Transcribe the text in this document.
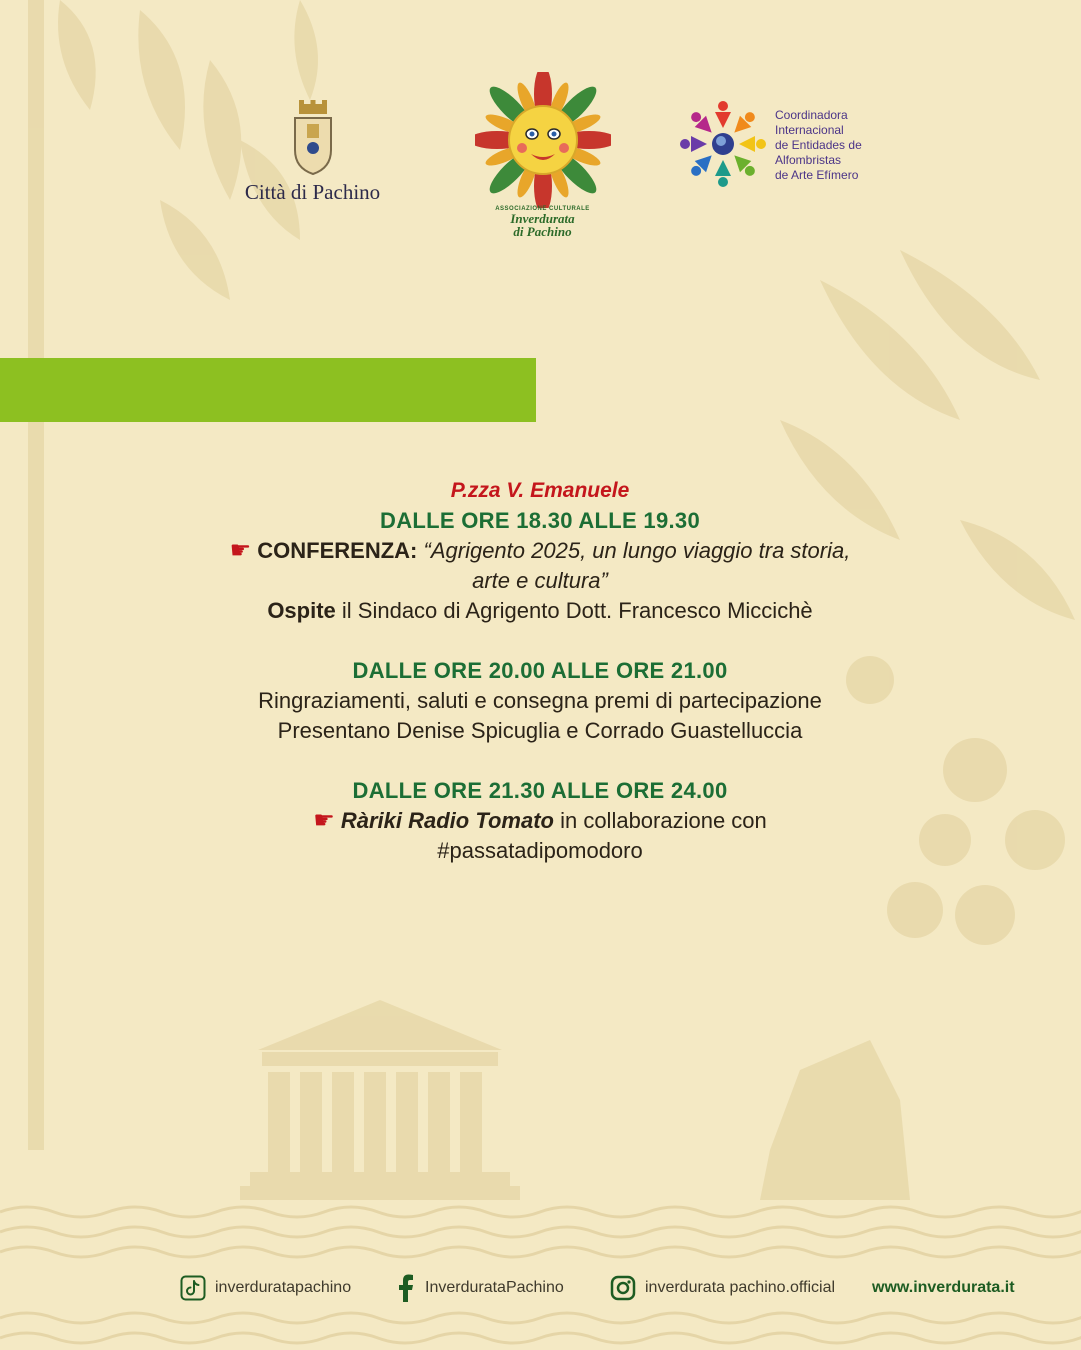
Città di Pachino
ASSOCIAZIONE CULTURALE
Inverdurata
di Pachino
Coordinadora
Internacional
de Entidades de
Alfombristas
de Arte Efímero

P.zza V. Emanuele

DALLE ORE 18.30 ALLE 19.30

☛ CONFERENZA: “Agrigento 2025, un lungo viaggio tra storia,

arte e cultura”

Ospite il Sindaco di Agrigento Dott. Francesco Miccichè

DALLE ORE 20.00 ALLE ORE 21.00

Ringraziamenti, saluti e consegna premi di partecipazione

Presentano Denise Spicuglia e Corrado Guastelluccia

DALLE ORE 21.30 ALLE ORE 24.00

☛ Ràriki Radio Tomato in collaborazione con

#passatadipomodoro

inverduratapachino	InverdurataPachino	inverdurata pachino.official www.inverdurata.it
